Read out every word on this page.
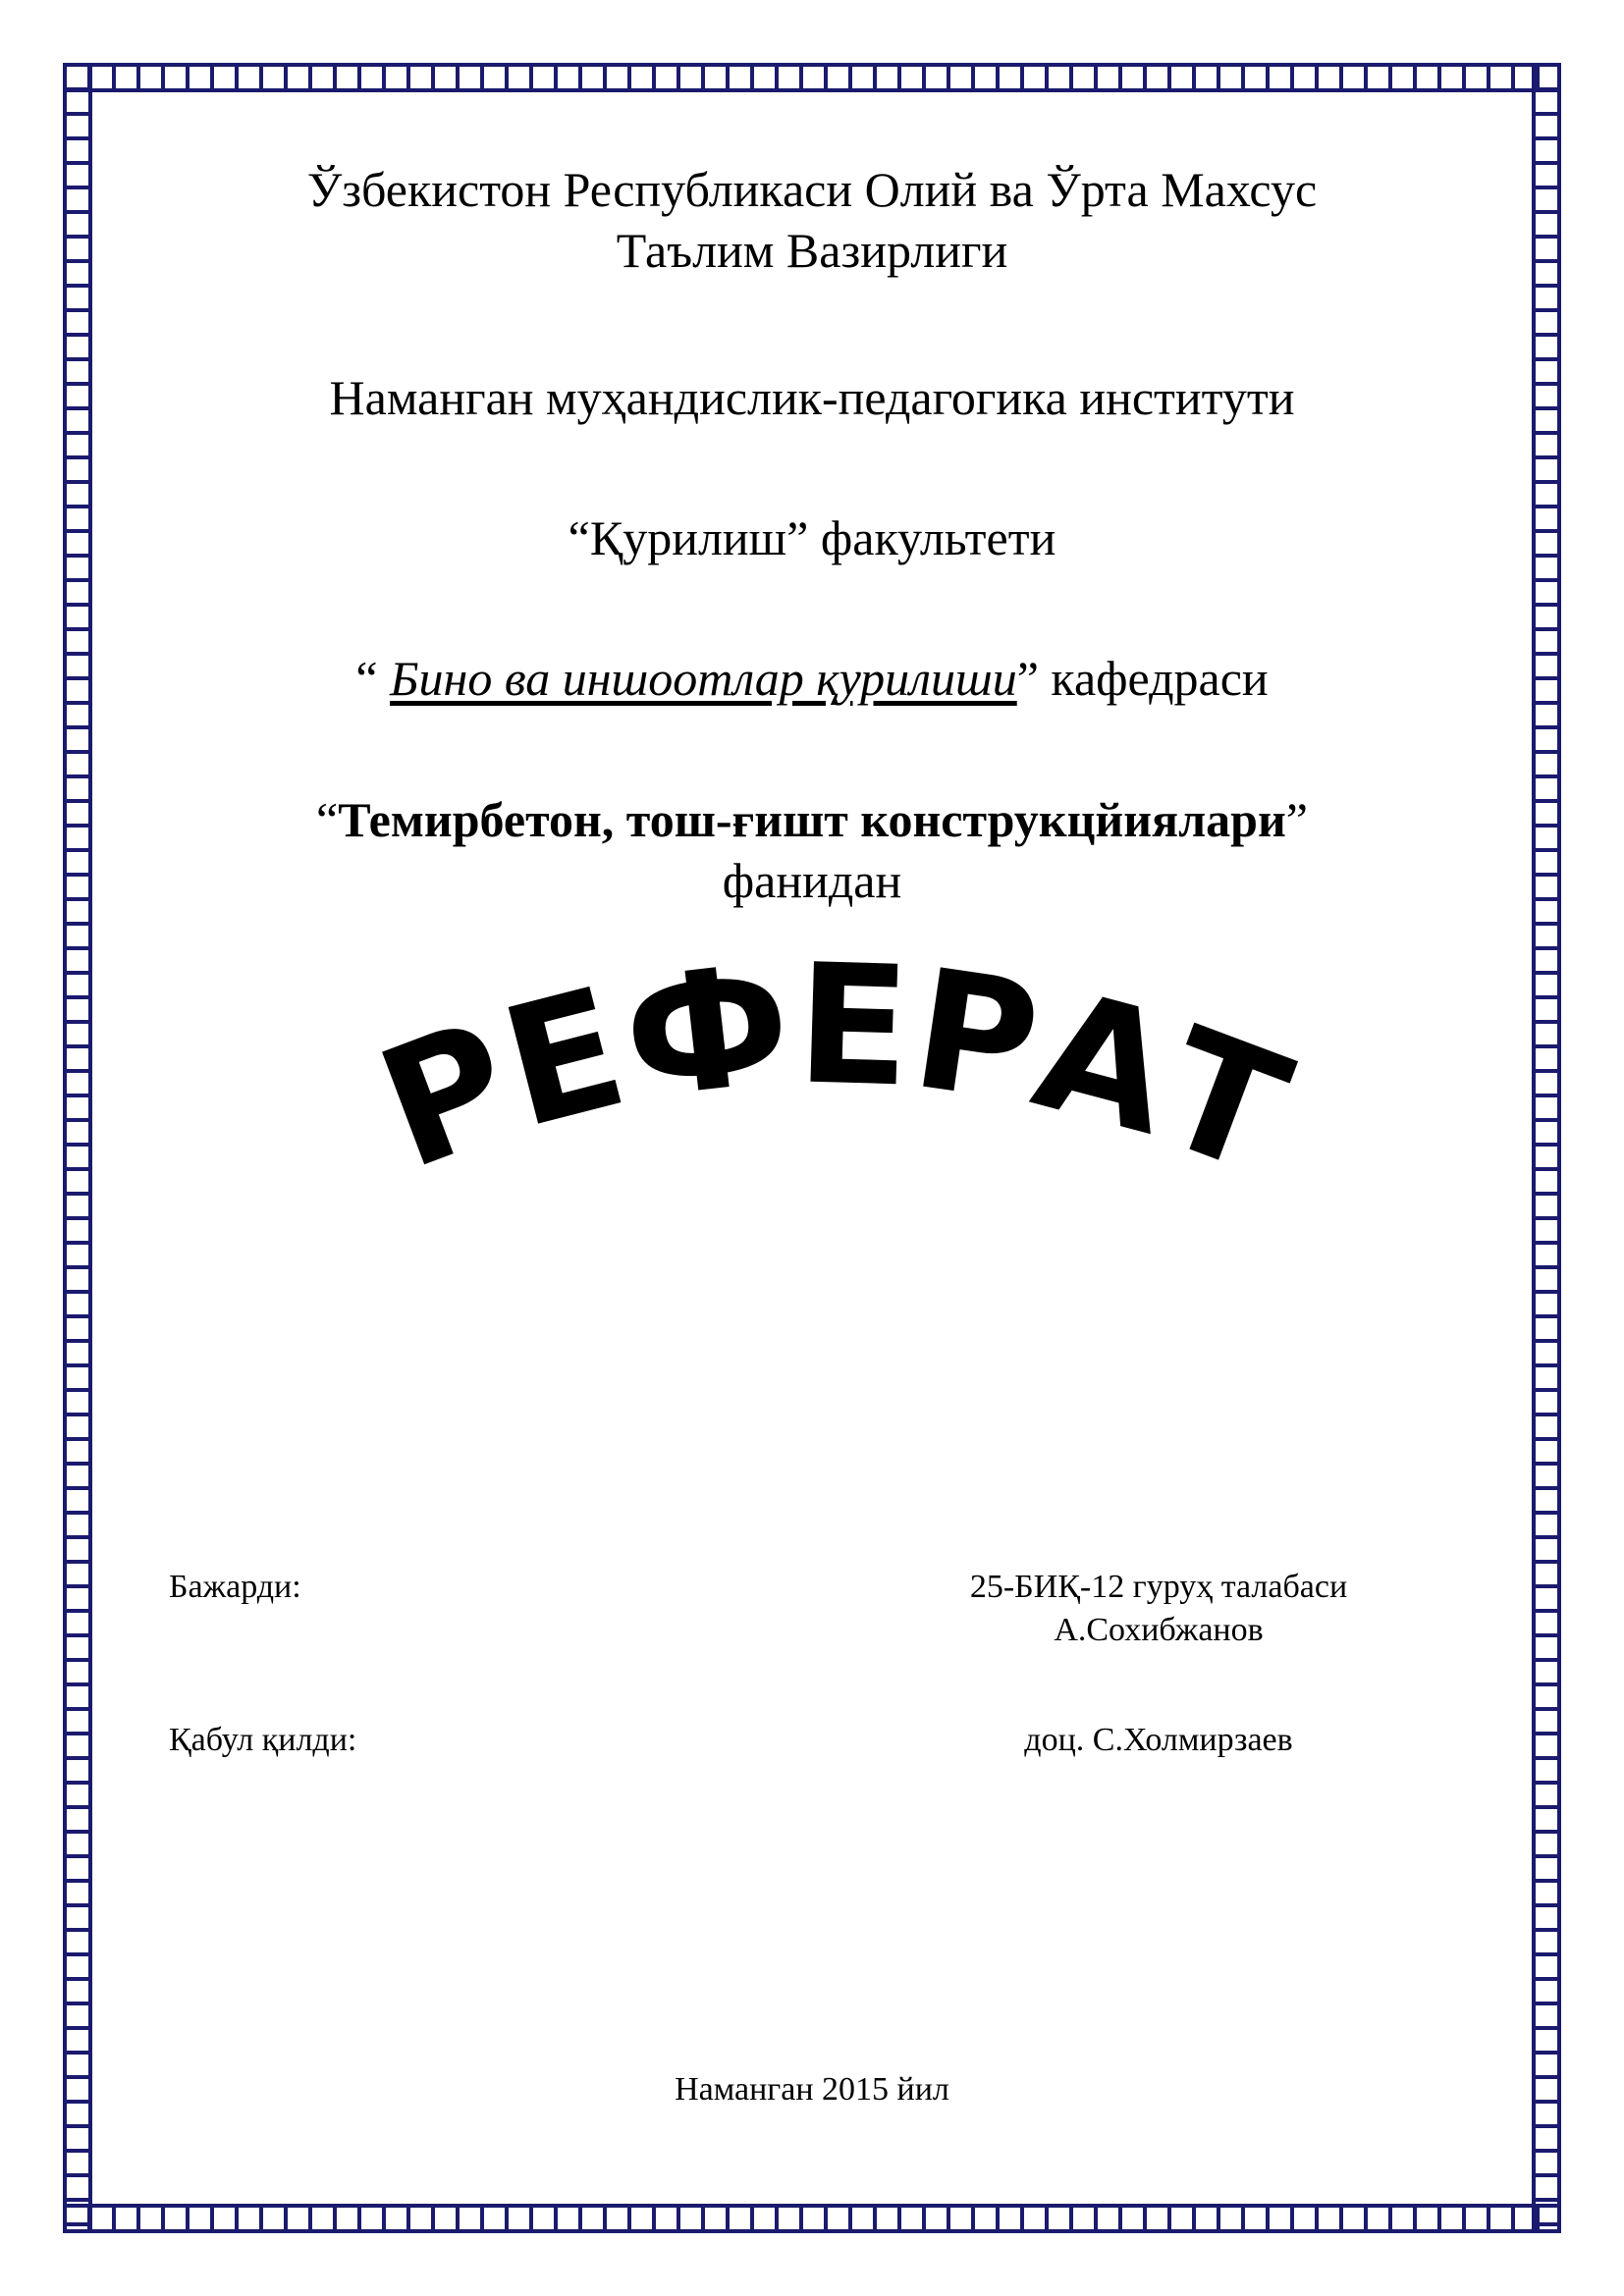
Ўзбекистон Республикаси Олий ва Ўрта Махсус
Таълим Вазирлиги
Наманган муҳандислик-педагогика институти
“Қурилиш” факультети
“ Бино ва иншоотлар қурилиши” кафедраси
“Темирбетон, тош-ғишт конструкцйиялари”
фанидан
РЕФЕРАТ
Бажарди:	25-БИҚ-12 гуруҳ талабаси
А.Сохибжанов
Қабул қилди:	доц. С.Холмирзаев
Наманган 2015 йил
